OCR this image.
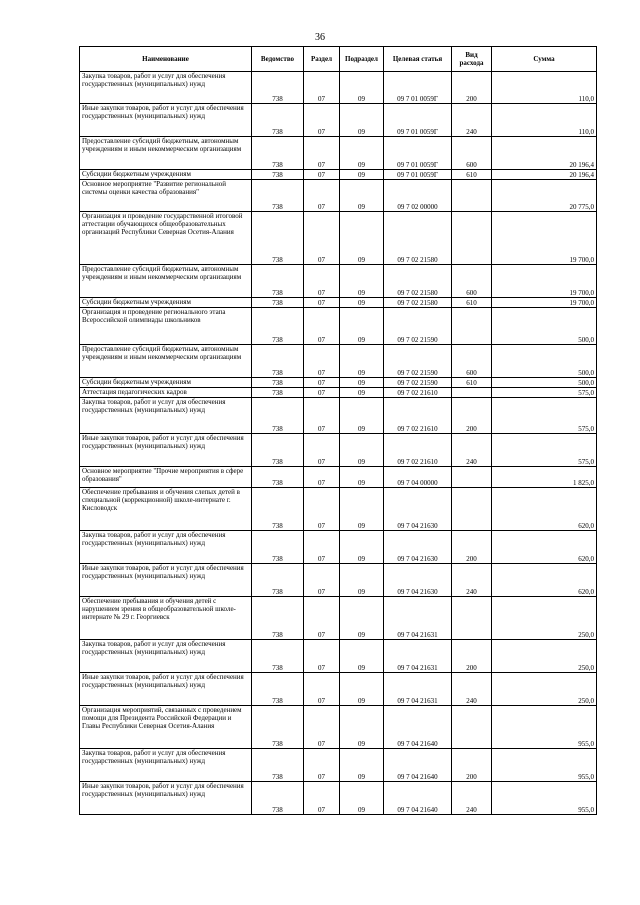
36
Наименование	Ведомство	Раздел	Подраздел	Целевая статья	Вид расхода	Сумма
Закупка товаров, работ и услуг для обеспечения государственных (муниципальных) нужд	738	07	09	09 7 01 0059Г	200	110,0
Иные закупки товаров, работ и услуг для обеспечения государственных (муниципальных) нужд	738	07	09	09 7 01 0059Г	240	110,0
Предоставление субсидий бюджетным, автономным учреждениям и иным некоммерческим организациям	738	07	09	09 7 01 0059Г	600	20 196,4
Субсидии бюджетным учреждениям	738	07	09	09 7 01 0059Г	610	20 196,4
Основное мероприятие "Развитие региональной системы оценки качества образования"	738	07	09	09 7 02 00000		20 775,0
Организация и проведение государственной итоговой аттестации обучающихся общеобразовательных организаций Республики Северная Осетия-Алания	738	07	09	09 7 02 21580		19 700,0
Предоставление субсидий бюджетным, автономным учреждениям и иным некоммерческим организациям	738	07	09	09 7 02 21580	600	19 700,0
Субсидии бюджетным учреждениям	738	07	09	09 7 02 21580	610	19 700,0
Организация и проведение регионального этапа Всероссийской олимпиады школьников	738	07	09	09 7 02 21590		500,0
Предоставление субсидий бюджетным, автономным учреждениям и иным некоммерческим организациям	738	07	09	09 7 02 21590	600	500,0
Субсидии бюджетным учреждениям	738	07	09	09 7 02 21590	610	500,0
Аттестация педагогических кадров	738	07	09	09 7 02 21610		575,0
Закупка товаров, работ и услуг для обеспечения государственных (муниципальных) нужд	738	07	09	09 7 02 21610	200	575,0
Иные закупки товаров, работ и услуг для обеспечения государственных (муниципальных) нужд	738	07	09	09 7 02 21610	240	575,0
Основное мероприятие "Прочие мероприятия в сфере образования"	738	07	09	09 7 04 00000		1 825,0
Обеспечение пребывания и обучения слепых детей в специальной (коррекционной) школе-интернате г. Кисловодск	738	07	09	09 7 04 21630		620,0
Закупка товаров, работ и услуг для обеспечения государственных (муниципальных) нужд	738	07	09	09 7 04 21630	200	620,0
Иные закупки товаров, работ и услуг для обеспечения государственных (муниципальных) нужд	738	07	09	09 7 04 21630	240	620,0
Обеспечение пребывания и обучения детей с нарушением зрения в общеобразовательной школе-интернате № 29 г. Георгиевск	738	07	09	09 7 04 21631		250,0
Закупка товаров, работ и услуг для обеспечения государственных (муниципальных) нужд	738	07	09	09 7 04 21631	200	250,0
Иные закупки товаров, работ и услуг для обеспечения государственных (муниципальных) нужд	738	07	09	09 7 04 21631	240	250,0
Организация мероприятий, связанных с проведением помощи для Президента Российской Федерации и Главы Республики Северная Осетия-Алания	738	07	09	09 7 04 21640		955,0
Закупка товаров, работ и услуг для обеспечения государственных (муниципальных) нужд	738	07	09	09 7 04 21640	200	955,0
Иные закупки товаров, работ и услуг для обеспечения государственных (муниципальных) нужд	738	07	09	09 7 04 21640	240	955,0
